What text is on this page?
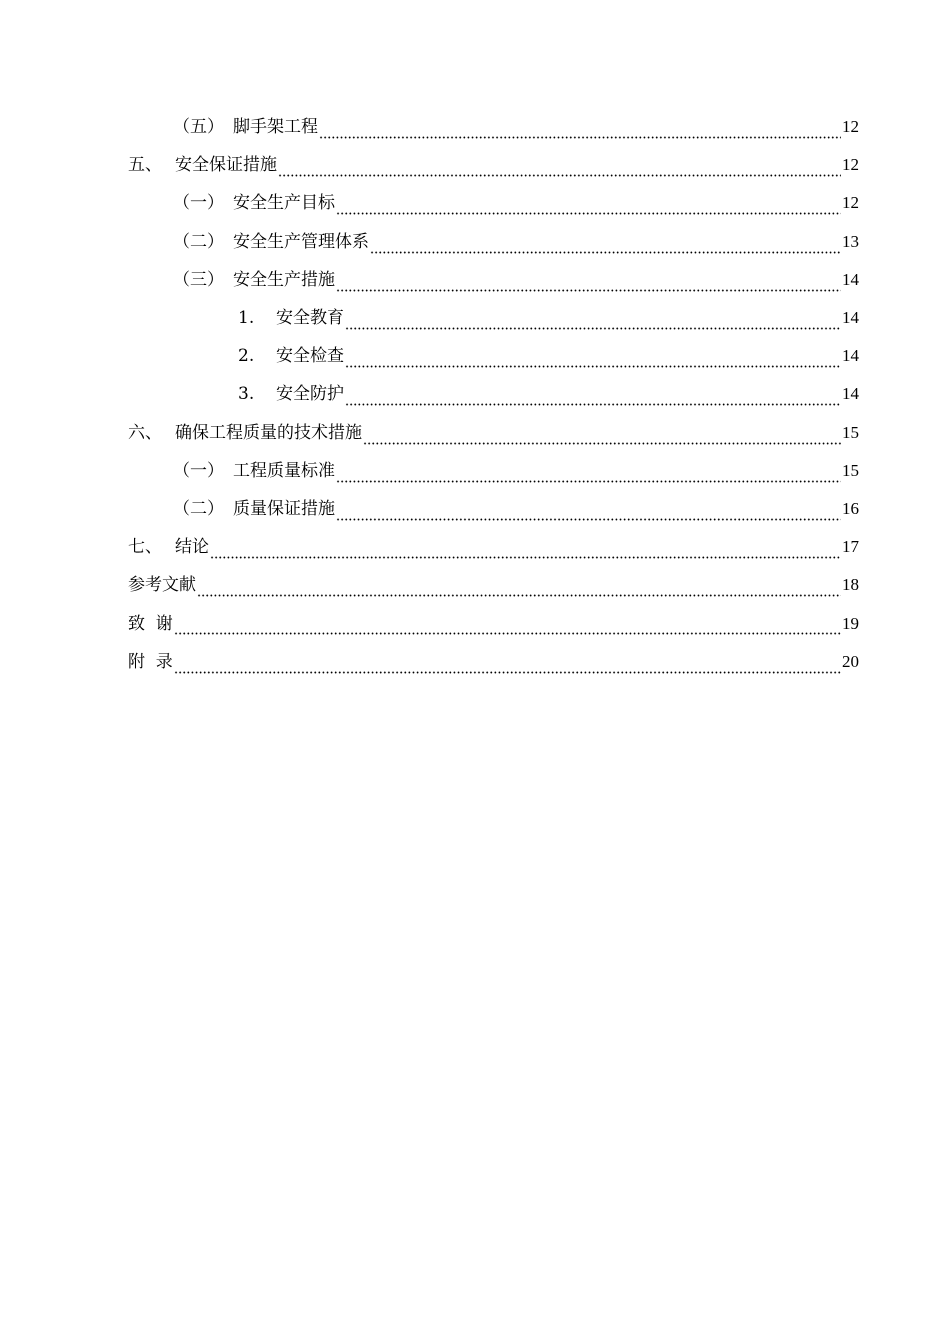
（五） 脚手架工程	12
五、 安全保证措施	12
（一） 安全生产目标	12
（二） 安全生产管理体系	13
（三） 安全生产措施	14
1.	安全教育	14
2.	安全检查	14
3.	安全防护	14
六、 确保工程质量的技术措施	15
（一） 工程质量标准	15
（二） 质量保证措施	16
七、 结论	17
参考文献	18
致  谢	19
附  录	20
